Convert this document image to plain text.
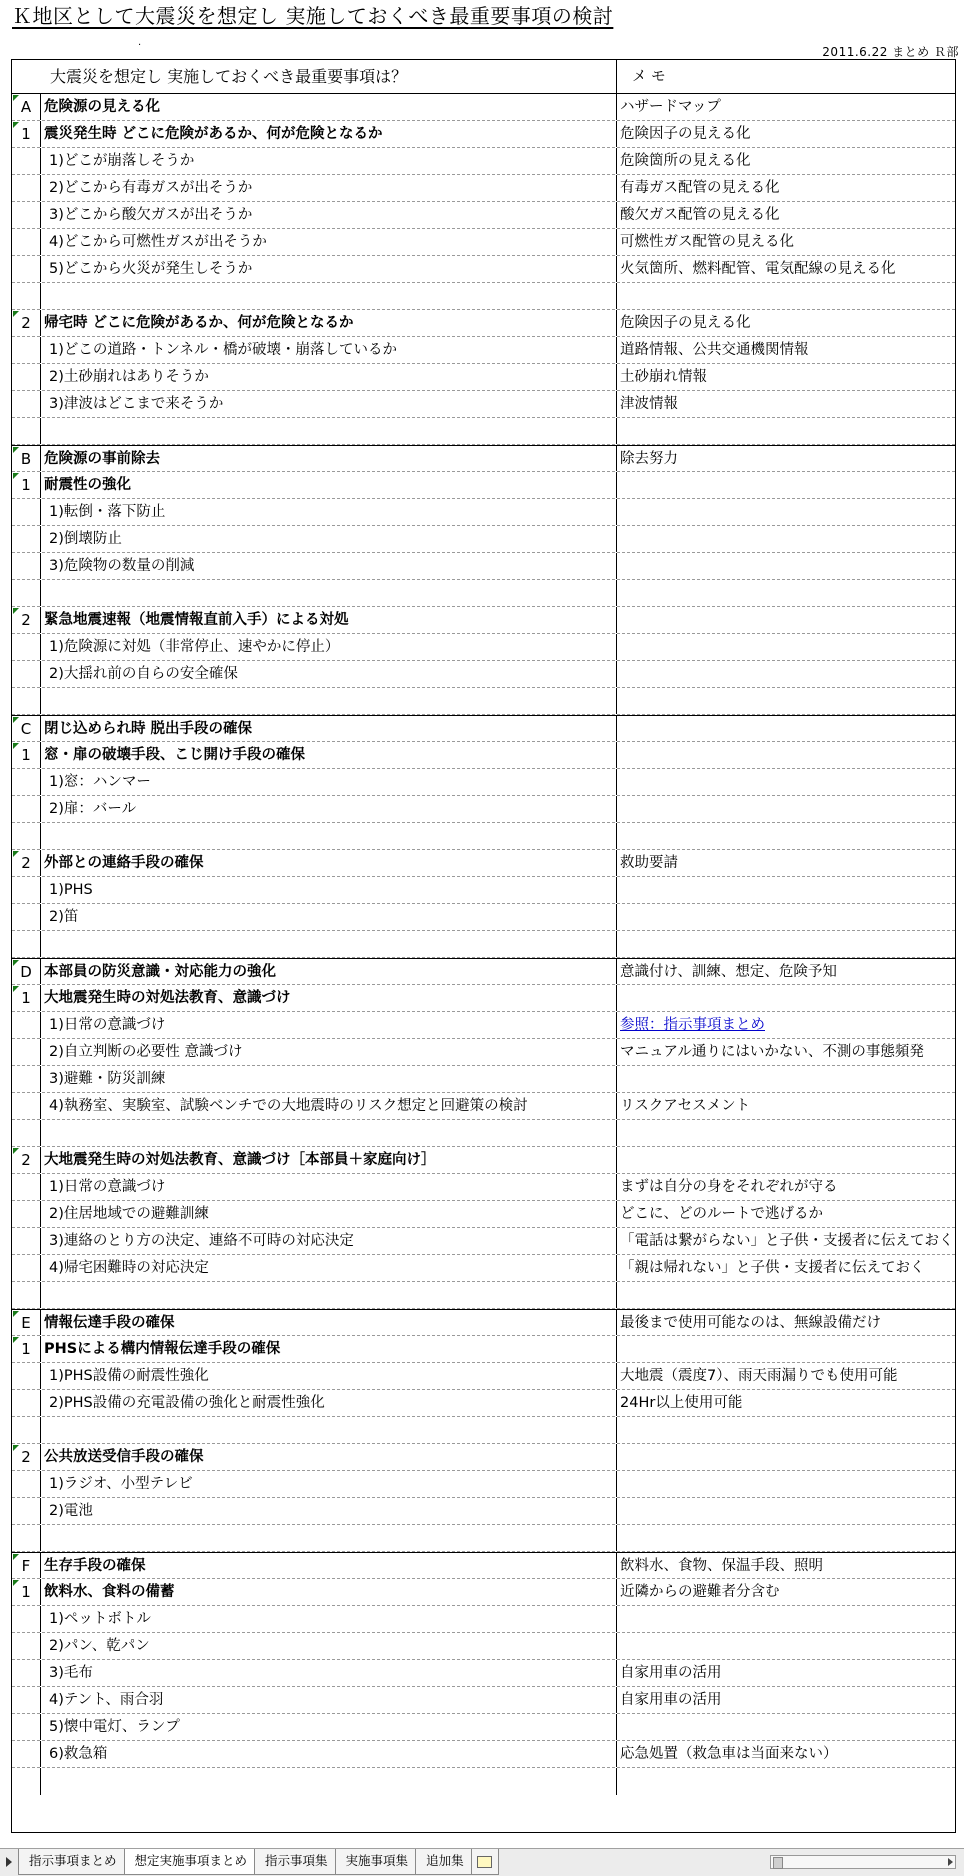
Ｋ地区として大震災を想定し 実施しておくべき最重要事項の検討
·	2011.6.22 まとめ Ｒ部
大震災を想定し 実施しておくべき最重要事項は？	メ モ
A 危険源の見える化	ハザードマップ
1 震災発生時 どこに危険があるか、何が危険となるか	危険因子の見える化
1)どこが崩落しそうか	危険箇所の見える化
2)どこから有毒ガスが出そうか	有毒ガス配管の見える化
3)どこから酸欠ガスが出そうか	酸欠ガス配管の見える化
4)どこから可燃性ガスが出そうか	可燃性ガス配管の見える化
5)どこから火災が発生しそうか	火気箇所、燃料配管、電気配線の見える化
2 帰宅時 どこに危険があるか、何が危険となるか	危険因子の見える化
1)どこの道路・トンネル・橋が破壊・崩落しているか	道路情報、公共交通機関情報
2)土砂崩れはありそうか	土砂崩れ情報
3)津波はどこまで来そうか	津波情報
B 危険源の事前除去	除去努力
1 耐震性の強化
1)転倒・落下防止
2)倒壊防止
3)危険物の数量の削減
2 緊急地震速報（地震情報直前入手）による対処
1)危険源に対処（非常停止、速やかに停止）
2)大揺れ前の自らの安全確保
C 閉じ込められ時 脱出手段の確保
1 窓・扉の破壊手段、こじ開け手段の確保
1)窓：ハンマー
2)扉：バール
2 外部との連絡手段の確保	救助要請
1)PHS
2)笛
D 本部員の防災意識・対応能力の強化	意識付け、訓練、想定、危険予知
1 大地震発生時の対処法教育、意識づけ
1)日常の意識づけ	参照：指示事項まとめ
2)自立判断の必要性 意識づけ	マニュアル通りにはいかない、不測の事態頻発
3)避難・防災訓練
4)執務室、実験室、試験ベンチでの大地震時のリスク想定と回避策の検討	リスクアセスメント
2 大地震発生時の対処法教育、意識づけ［本部員＋家庭向け］
1)日常の意識づけ	まずは自分の身をそれぞれが守る
2)住居地域での避難訓練	どこに、どのルートで逃げるか
3)連絡のとり方の決定、連絡不可時の対応決定	「電話は繋がらない」と子供・支援者に伝えておく
4)帰宅困難時の対応決定	「親は帰れない」と子供・支援者に伝えておく
E 情報伝達手段の確保	最後まで使用可能なのは、無線設備だけ
1 PHSによる構内情報伝達手段の確保
1)PHS設備の耐震性強化	大地震（震度7）、雨天雨漏りでも使用可能
2)PHS設備の充電設備の強化と耐震性強化	24Hr以上使用可能
2 公共放送受信手段の確保
1)ラジオ、小型テレビ
2)電池
F 生存手段の確保	飲料水、食物、保温手段、照明
1 飲料水、食料の備蓄	近隣からの避難者分含む
1)ペットボトル
2)パン、乾パン
3)毛布	自家用車の活用
4)テント、雨合羽	自家用車の活用
5)懐中電灯、ランプ
6)救急箱	応急処置（救急車は当面来ない）
指示事項まとめ	想定実施事項まとめ	指示事項集	実施事項集	追加集
